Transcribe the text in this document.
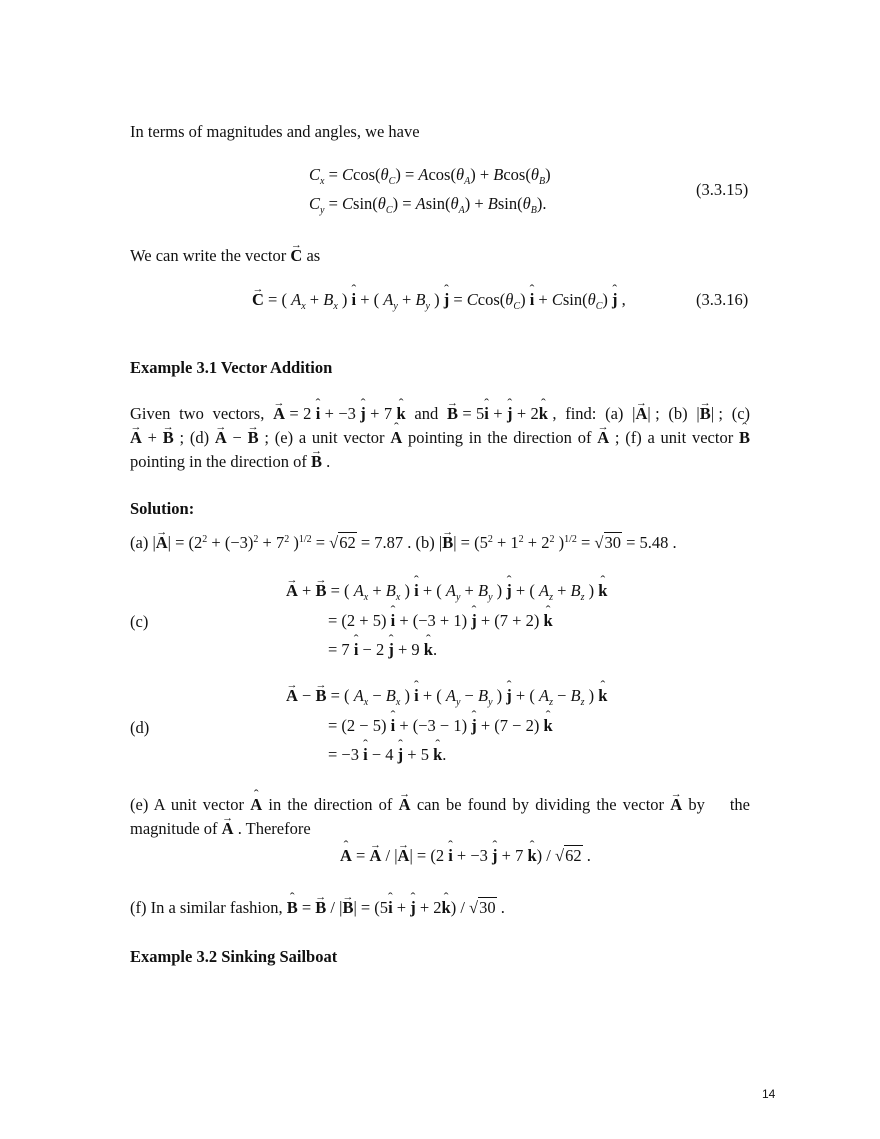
In terms of magnitudes and angles, we have
$C_x = Ccos(\theta_C) = Acos(\theta_A) + Bcos(\theta_B)$
$C_y = Csin(\theta_C) = Asin(\theta_A) + Bsin(\theta_B)$.
(3.3.15)
We can write the vector → C as
→ C = ( $A_x + B_x$ ) ˆ i + ( $A_y + B_y$ ) ˆ $j = Ccos(\theta_C)$ ˆ $i + Csin(\theta_C)$ ˆ j ,	(3.3.16)
Example 3.1 Vector Addition
Given  two  vectors,  → A = 2 ˆ i + −3 ˆ j + 7 ˆ k  and  → B = 5ˆ i + ˆ j + 2ˆ k ,  find:  (a)  |→ A| ;  (b)  |→ B| ;  (c) → A + → B ; (d) → A − → B ; (e) a unit vector ˆ A pointing in the direction of → A ; (f) a unit vector ˆ B pointing in the direction of → B .
Solution:
(a) |→ $A| = (2^2 + (-3)^2 + 7^2$ )$^{1/2}$ = √62 = 7.87 . (b) |→ $B| = (5^2 + 1^2 + 2^2$ )$^{1/2}$ = √30 = 5.48 .
(c)
→ A + → B = ( $A_x + B_x$ ) ˆ i + ( $A_y + B_y$ ) ˆ j + ( $A_z + B_z$ ) ˆ k
= (2 + 5) ˆ i + (−3 + 1) ˆ j + (7 + 2) ˆ k
= 7 ˆ i − 2 ˆ j + 9 ˆ k.
(d)
→ A − → B = ( $A_x - B_x$ ) ˆ i + ( $A_y - B_y$ ) ˆ j + ( $A_z - B_z$ ) ˆ k
= (2 − 5) ˆ i + (−3 − 1) ˆ j + (7 − 2) ˆ k
= −3 ˆ i − 4 ˆ j + 5 ˆ k.
(e) A unit vector ˆ A in the direction of → A can be found by dividing the vector → A by    the magnitude of → A . Therefore
ˆ A = → A / |→ A| = (2 ˆ i + −3 ˆ j + 7 ˆ k) / √62 .
(f) In a similar fashion, ˆ B = → B / |→ B| = (5ˆ i + ˆ j + 2ˆ k) / √30 .
Example 3.2 Sinking Sailboat
14
